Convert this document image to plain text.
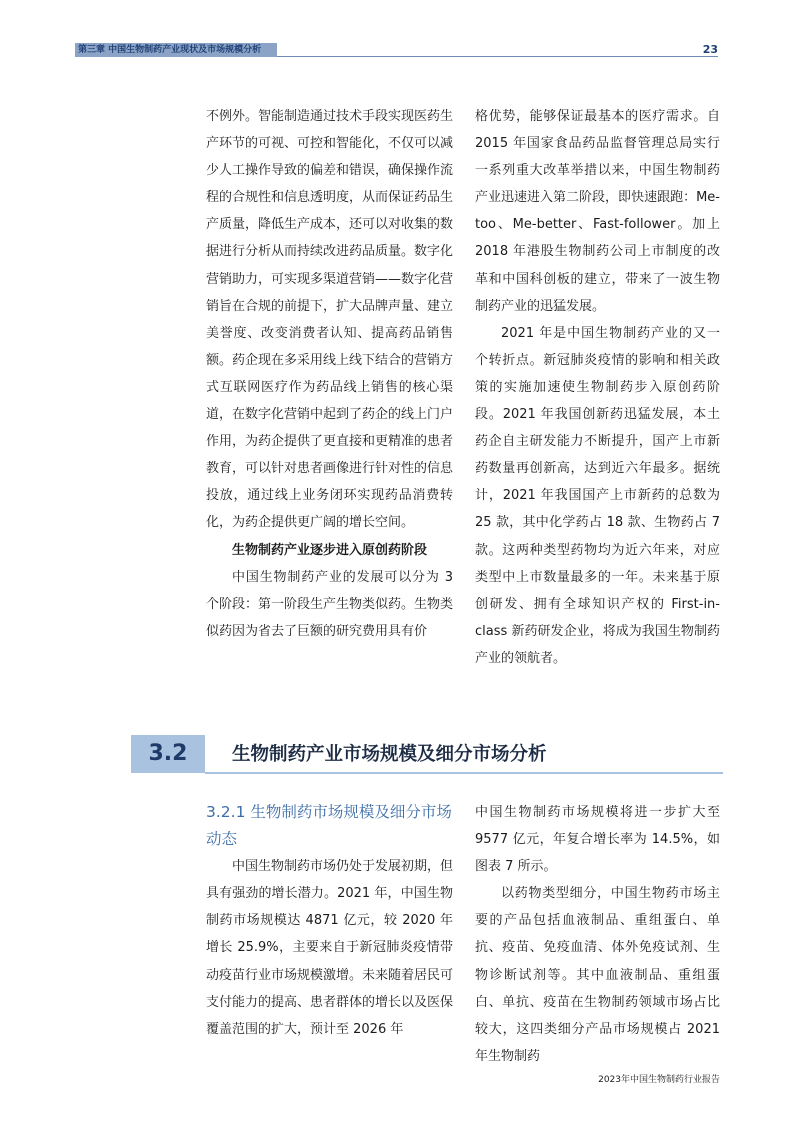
第三章 中国生物制药产业现状及市场规模分析	23

不例外。智能制造通过技术手段实现医药生产环节的可视、可控和智能化，不仅可以减少人工操作导致的偏差和错误，确保操作流程的合规性和信息透明度，从而保证药品生产质量，降低生产成本，还可以对收集的数据进行分析从而持续改进药品质量。数字化营销助力，可实现多渠道营销——数字化营销旨在合规的前提下，扩大品牌声量、建立美誉度、改变消费者认知、提高药品销售额。药企现在多采用线上线下结合的营销方式互联网医疗作为药品线上销售的核心渠道，在数字化营销中起到了药企的线上门户作用，为药企提供了更直接和更精准的患者教育，可以针对患者画像进行针对性的信息投放，通过线上业务闭环实现药品消费转化，为药企提供更广阔的增长空间。

生物制药产业逐步进入原创药阶段

中国生物制药产业的发展可以分为 3 个阶段：第一阶段生产生物类似药。生物类似药因为省去了巨额的研究费用具有价

格优势，能够保证最基本的医疗需求。自 2015 年国家食品药品监督管理总局实行一系列重大改革举措以来，中国生物制药产业迅速进入第二阶段，即快速跟跑：Me-too、Me-better、Fast-follower。加上 2018 年港股生物制药公司上市制度的改革和中国科创板的建立，带来了一波生物制药产业的迅猛发展。

2021 年是中国生物制药产业的又一个转折点。新冠肺炎疫情的影响和相关政策的实施加速使生物制药步入原创药阶段。2021 年我国创新药迅猛发展，本土药企自主研发能力不断提升，国产上市新药数量再创新高，达到近六年最多。据统计，2021 年我国国产上市新药的总数为 25 款，其中化学药占 18 款、生物药占 7 款。这两种类型药物均为近六年来，对应类型中上市数量最多的一年。未来基于原创研发、拥有全球知识产权的 First-in-class 新药研发企业，将成为我国生物制药产业的领航者。

3.2	生物制药产业市场规模及细分市场分析
3.2.1 生物制药市场规模及细分市场动态

中国生物制药市场仍处于发展初期，但具有强劲的增长潜力。2021 年，中国生物制药市场规模达 4871 亿元，较 2020 年增长 25.9%，主要来自于新冠肺炎疫情带动疫苗行业市场规模激增。未来随着居民可支付能力的提高、患者群体的增长以及医保覆盖范围的扩大，预计至 2026 年

中国生物制药市场规模将进一步扩大至 9577 亿元，年复合增长率为 14.5%，如图表 7 所示。

以药物类型细分，中国生物药市场主要的产品包括血液制品、重组蛋白、单抗、疫苗、免疫血清、体外免疫试剂、生物诊断试剂等。其中血液制品、重组蛋白、单抗、疫苗在生物制药领域市场占比较大，这四类细分产品市场规模占 2021 年生物制药

2023年中国生物制药行业报告
